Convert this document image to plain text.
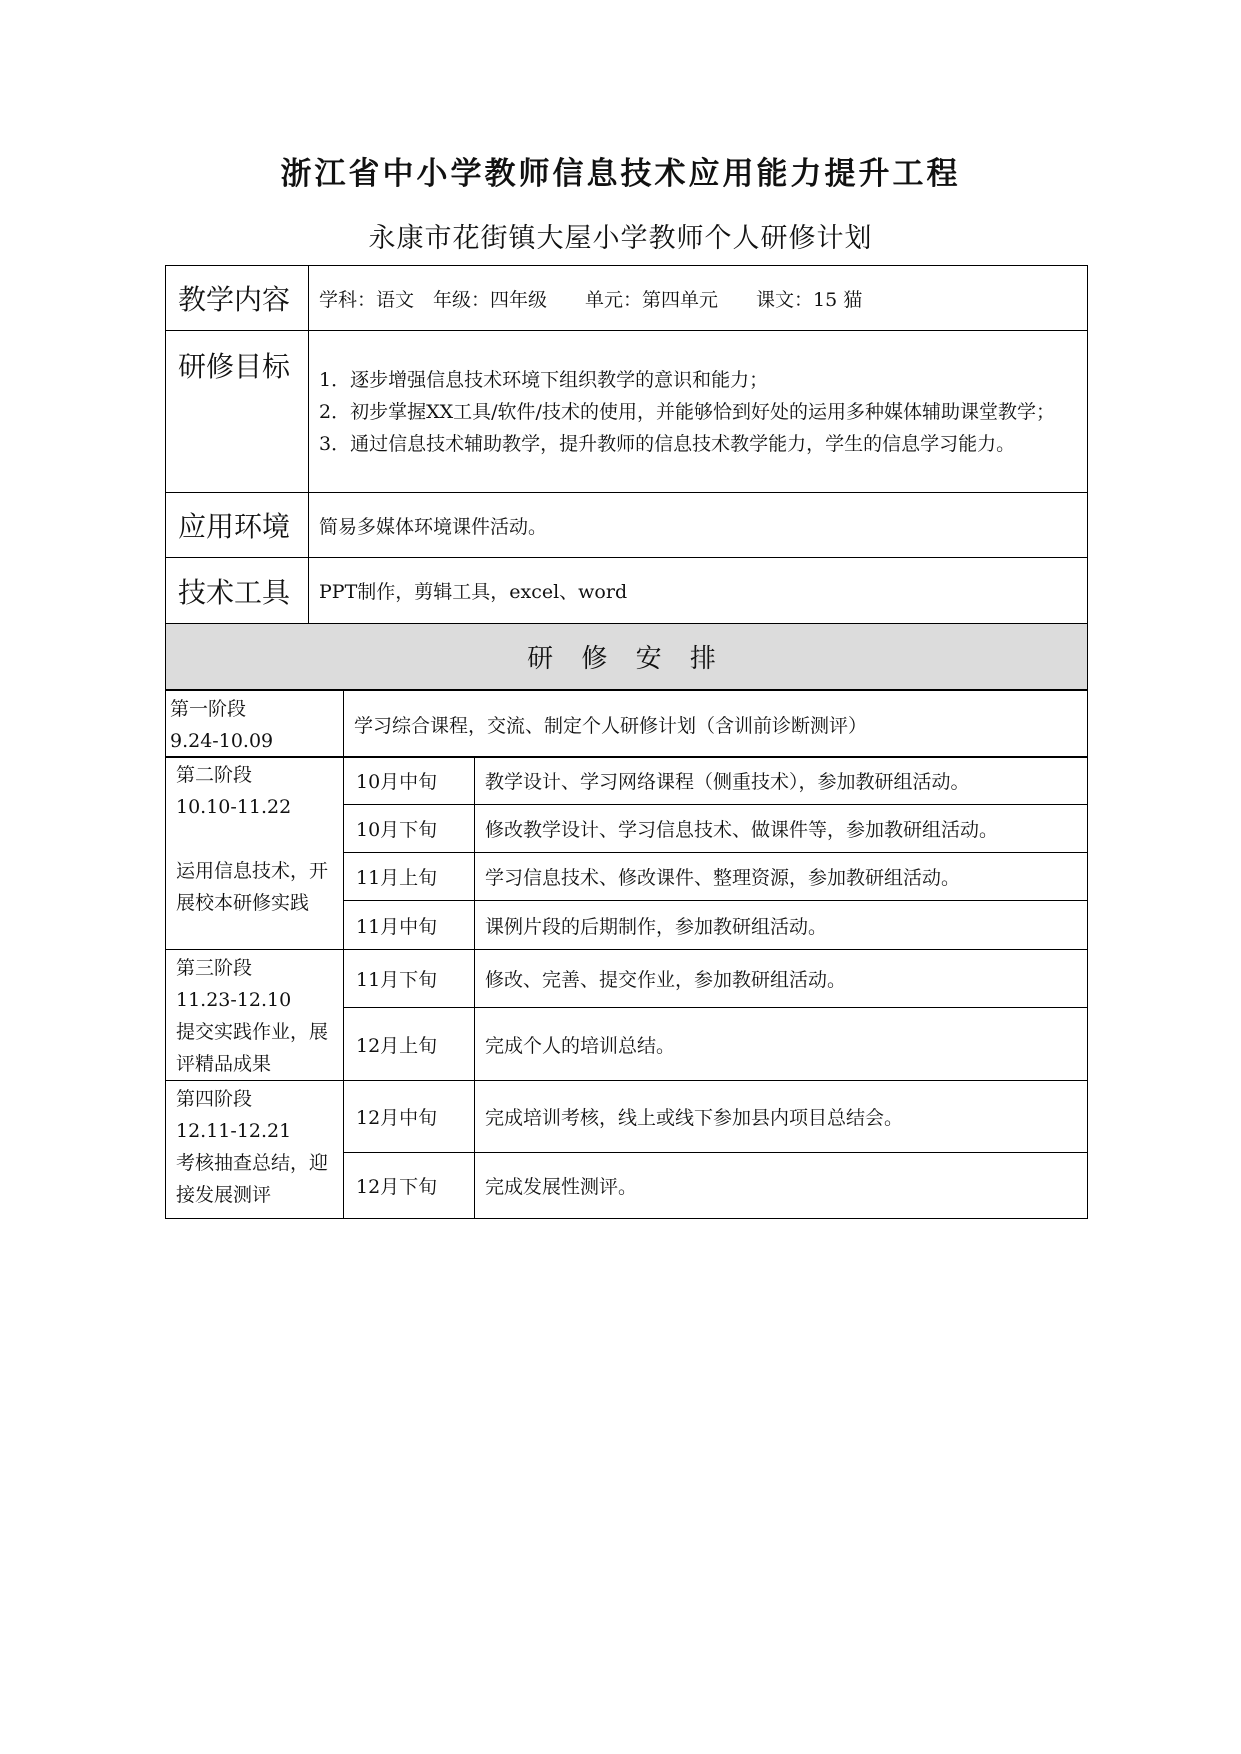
浙江省中小学教师信息技术应用能力提升工程
永康市花街镇大屋小学教师个人研修计划
教学内容	学科：语文　年级：四年级　　单元：第四单元　　课文：15 猫
研修目标	1．逐步增强信息技术环境下组织教学的意识和能力；
2．初步掌握XX工具/软件/技术的使用，并能够恰到好处的运用多种媒体辅助课堂教学；
3．通过信息技术辅助教学，提升教师的信息技术教学能力，学生的信息学习能力。

应用环境	简易多媒体环境课件活动。
技术工具	PPT制作，剪辑工具，excel、word
研 修 安 排	
第一阶段
9.24-10.09
	学习综合课程，交流、制定个人研修计划（含训前诊断测评）
第二阶段
10.10-11.22
运用信息技术，开展校本研修实践	10月中旬	教学设计、学习网络课程（侧重技术），参加教研组活动。
	10月下旬	修改教学设计、学习信息技术、做课件等，参加教研组活动。
	11月上旬	学习信息技术、修改课件、整理资源，参加教研组活动。
	11月中旬	课例片段的后期制作，参加教研组活动。

第三阶段
11.23-12.10
提交实践作业，展评精品成果	11月下旬	修改、完善、提交作业，参加教研组活动。
	12月上旬	完成个人的培训总结。

第四阶段
12.11-12.21
考核抽查总结，迎接发展测评	12月中旬	完成培训考核，线上或线下参加县内项目总结会。
	12月下旬	完成发展性测评。
